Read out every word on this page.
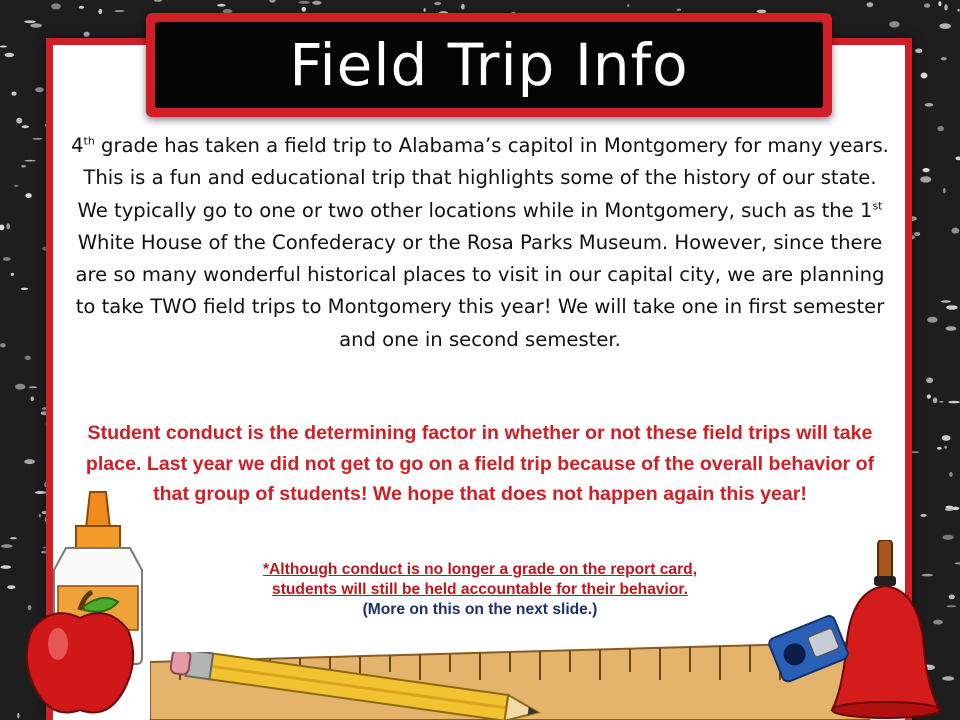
Field Trip Info

4th grade has taken a field trip to Alabama’s capitol in Montgomery for many years. This is a fun and educational trip that highlights some of the history of our state. We typically go to one or two other locations while in Montgomery, such as the 1st White House of the Confederacy or the Rosa Parks Museum. However, since there are so many wonderful historical places to visit in our capital city, we are planning to take TWO field trips to Montgomery this year! We will take one in first semester and one in second semester.

Student conduct is the determining factor in whether or not these field trips will take place. Last year we did not get to go on a field trip because of the overall behavior of that group of students! We hope that does not happen again this year!

*Although conduct is no longer a grade on the report card,
students will still be held accountable for their behavior.
(More on this on the next slide.)
